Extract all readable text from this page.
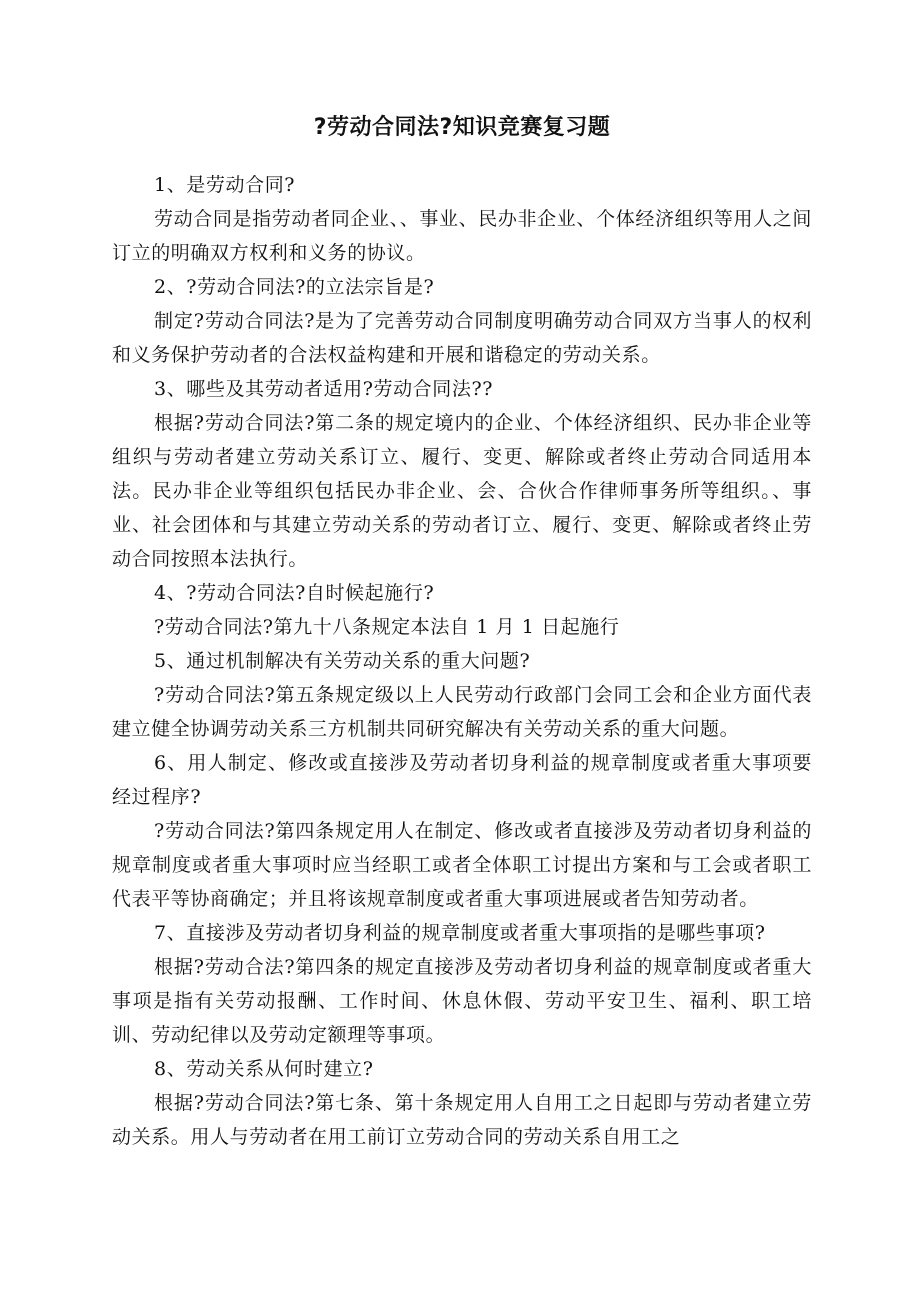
?劳动合同法?知识竞赛复习题

1、是劳动合同?

劳动合同是指劳动者同企业、、事业、民办非企业、个体经济组织等用人之间订立的明确双方权利和义务的协议。

2、?劳动合同法?的立法宗旨是?

制定?劳动合同法?是为了完善劳动合同制度明确劳动合同双方当事人的权利和义务保护劳动者的合法权益构建和开展和谐稳定的劳动关系。

3、哪些及其劳动者适用?劳动合同法??

根据?劳动合同法?第二条的规定境内的企业、个体经济组织、民办非企业等组织与劳动者建立劳动关系订立、履行、变更、解除或者终止劳动合同适用本法。民办非企业等组织包括民办非企业、会、合伙合作律师事务所等组织。、事业、社会团体和与其建立劳动关系的劳动者订立、履行、变更、解除或者终止劳动合同按照本法执行。

4、?劳动合同法?自时候起施行?

?劳动合同法?第九十八条规定本法自 1 月 1 日起施行

5、通过机制解决有关劳动关系的重大问题?

?劳动合同法?第五条规定级以上人民劳动行政部门会同工会和企业方面代表建立健全协调劳动关系三方机制共同研究解决有关劳动关系的重大问题。

6、用人制定、修改或直接涉及劳动者切身利益的规章制度或者重大事项要经过程序?

?劳动合同法?第四条规定用人在制定、修改或者直接涉及劳动者切身利益的规章制度或者重大事项时应当经职工或者全体职工讨提出方案和与工会或者职工代表平等协商确定；并且将该规章制度或者重大事项进展或者告知劳动者。

7、直接涉及劳动者切身利益的规章制度或者重大事项指的是哪些事项?

根据?劳动合法?第四条的规定直接涉及劳动者切身利益的规章制度或者重大事项是指有关劳动报酬、工作时间、休息休假、劳动平安卫生、福利、职工培训、劳动纪律以及劳动定额理等事项。

8、劳动关系从何时建立?

根据?劳动合同法?第七条、第十条规定用人自用工之日起即与劳动者建立劳动关系。用人与劳动者在用工前订立劳动合同的劳动关系自用工之
